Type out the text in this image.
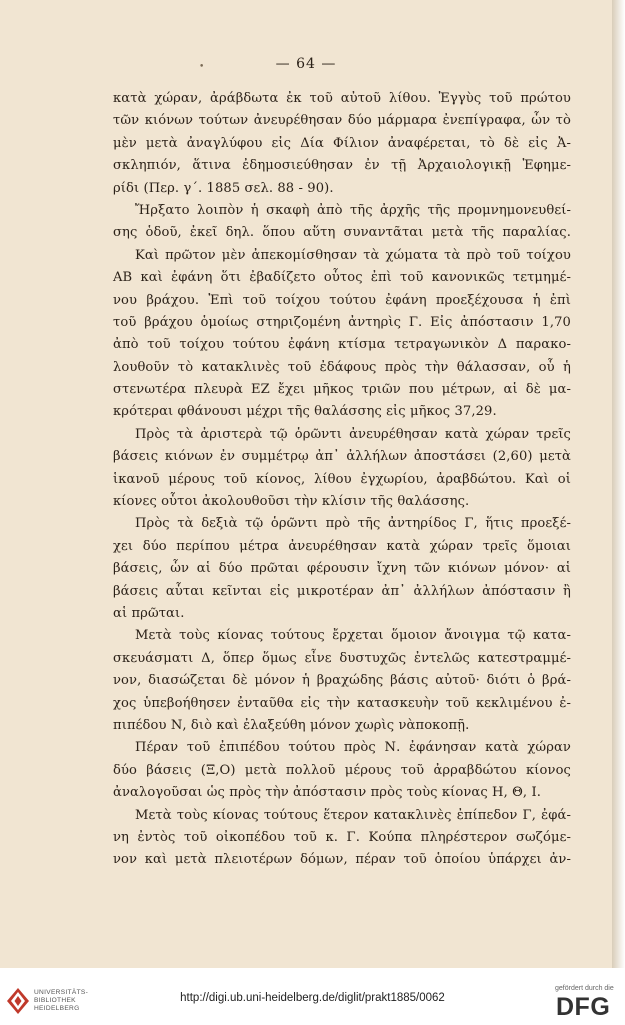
•	— 64 —
κατὰ χώραν, ἀράβδωτα ἐκ τοῦ αὐτοῦ λίθου. Ἐγγὺς τοῦ πρώτου
τῶν κιόνων τούτων ἀνευρέθησαν δύο μάρμαρα ἐνεπίγραφα, ὧν τὸ
μὲν μετὰ ἀναγλύφου εἰς Δία Φίλιον ἀναφέρεται, τὸ δὲ εἰς Ἀ-
σκληπιόν, ἅτινα ἐδημοσιεύθησαν ἐν τῇ Ἀρχαιολογικῇ Ἐφημε-
ρίδι (Περ. γ΄. 1885 σελ. 88 - 90).
Ἤρξατο λοιπὸν ἡ σκαφὴ ἀπὸ τῆς ἀρχῆς τῆς προμνημονευθεί-
σης ὁδοῦ, ἐκεῖ δηλ. ὅπου αὕτη συναντᾶται μετὰ τῆς παραλίας.
Καὶ πρῶτον μὲν ἀπεκομίσθησαν τὰ χώματα τὰ πρὸ τοῦ τοίχου
ΑΒ καὶ ἐφάνη ὅτι ἐβαδίζετο οὗτος ἐπὶ τοῦ κανονικῶς τετμημέ-
νου βράχου. Ἐπὶ τοῦ τοίχου τούτου ἐφάνη προεξέχουσα ἡ ἐπὶ
τοῦ βράχου ὁμοίως στηριζομένη ἀντηρὶς Γ. Εἰς ἀπόστασιν 1,70
ἀπὸ τοῦ τοίχου τούτου ἐφάνη κτίσμα τετραγωνικὸν Δ παρακο-
λουθοῦν τὸ κατακλινὲς τοῦ ἐδάφους πρὸς τὴν θάλασσαν, οὗ ἡ
στενωτέρα πλευρὰ ΕΖ ἔχει μῆκος τριῶν που μέτρων, αἱ δὲ μα-
κρότεραι φθάνουσι μέχρι τῆς θαλάσσης εἰς μῆκος 37,29.
Πρὸς τὰ ἀριστερὰ τῷ ὁρῶντι ἀνευρέθησαν κατὰ χώραν τρεῖς
βάσεις κιόνων ἐν συμμέτρῳ ἀπ᾽ ἀλλήλων ἀποστάσει (2,60) μετὰ
ἱκανοῦ μέρους τοῦ κίονος, λίθου ἐγχωρίου, ἀραβδώτου. Καὶ οἱ
κίονες οὗτοι ἀκολουθοῦσι τὴν κλίσιν τῆς θαλάσσης.
Πρὸς τὰ δεξιὰ τῷ ὁρῶντι πρὸ τῆς ἀντηρίδος Γ, ἥτις προεξέ-
χει δύο περίπου μέτρα ἀνευρέθησαν κατὰ χώραν τρεῖς ὅμοιαι
βάσεις, ὧν αἱ δύο πρῶται φέρουσιν ἴχνη τῶν κιόνων μόνον· αἱ
βάσεις αὗται κεῖνται εἰς μικροτέραν ἀπ᾽ ἀλλήλων ἀπόστασιν ἢ
αἱ πρῶται.
Μετὰ τοὺς κίονας τούτους ἔρχεται ὅμοιον ἄνοιγμα τῷ κατα-
σκευάσματι Δ, ὅπερ ὅμως εἶνε δυστυχῶς ἐντελῶς κατεστραμμέ-
νον, διασώζεται δὲ μόνον ἡ βραχώδης βάσις αὐτοῦ· διότι ὁ βρά-
χος ὑπεβοήθησεν ἐνταῦθα εἰς τὴν κατασκευὴν τοῦ κεκλιμένου ἐ-
πιπέδου Ν, διὸ καὶ ἐλαξεύθη μόνον χωρὶς νὰποκοπῇ.
Πέραν τοῦ ἐπιπέδου τούτου πρὸς Ν. ἐφάνησαν κατὰ χώραν
δύο βάσεις (Ξ,Ο) μετὰ πολλοῦ μέρους τοῦ ἀρραβδώτου κίονος
ἀναλογοῦσαι ὡς πρὸς τὴν ἀπόστασιν πρὸς τοὺς κίονας Η, Θ, Ι.
Μετὰ τοὺς κίονας τούτους ἕτερον κατακλινὲς ἐπίπεδον Γ, ἐφά-
νη ἐντὸς τοῦ οἰκοπέδου τοῦ κ. Γ. Κούπα πληρέστερον σωζόμε-
νον καὶ μετὰ πλειοτέρων δόμων, πέραν τοῦ ὁποίου ὑπάρχει ἀν-
UNIVERSITÄTS-
BIBLIOTHEK
HEIDELBERG
http://digi.ub.uni-heidelberg.de/diglit/prakt1885/0062
gefördert durch die
DFG
